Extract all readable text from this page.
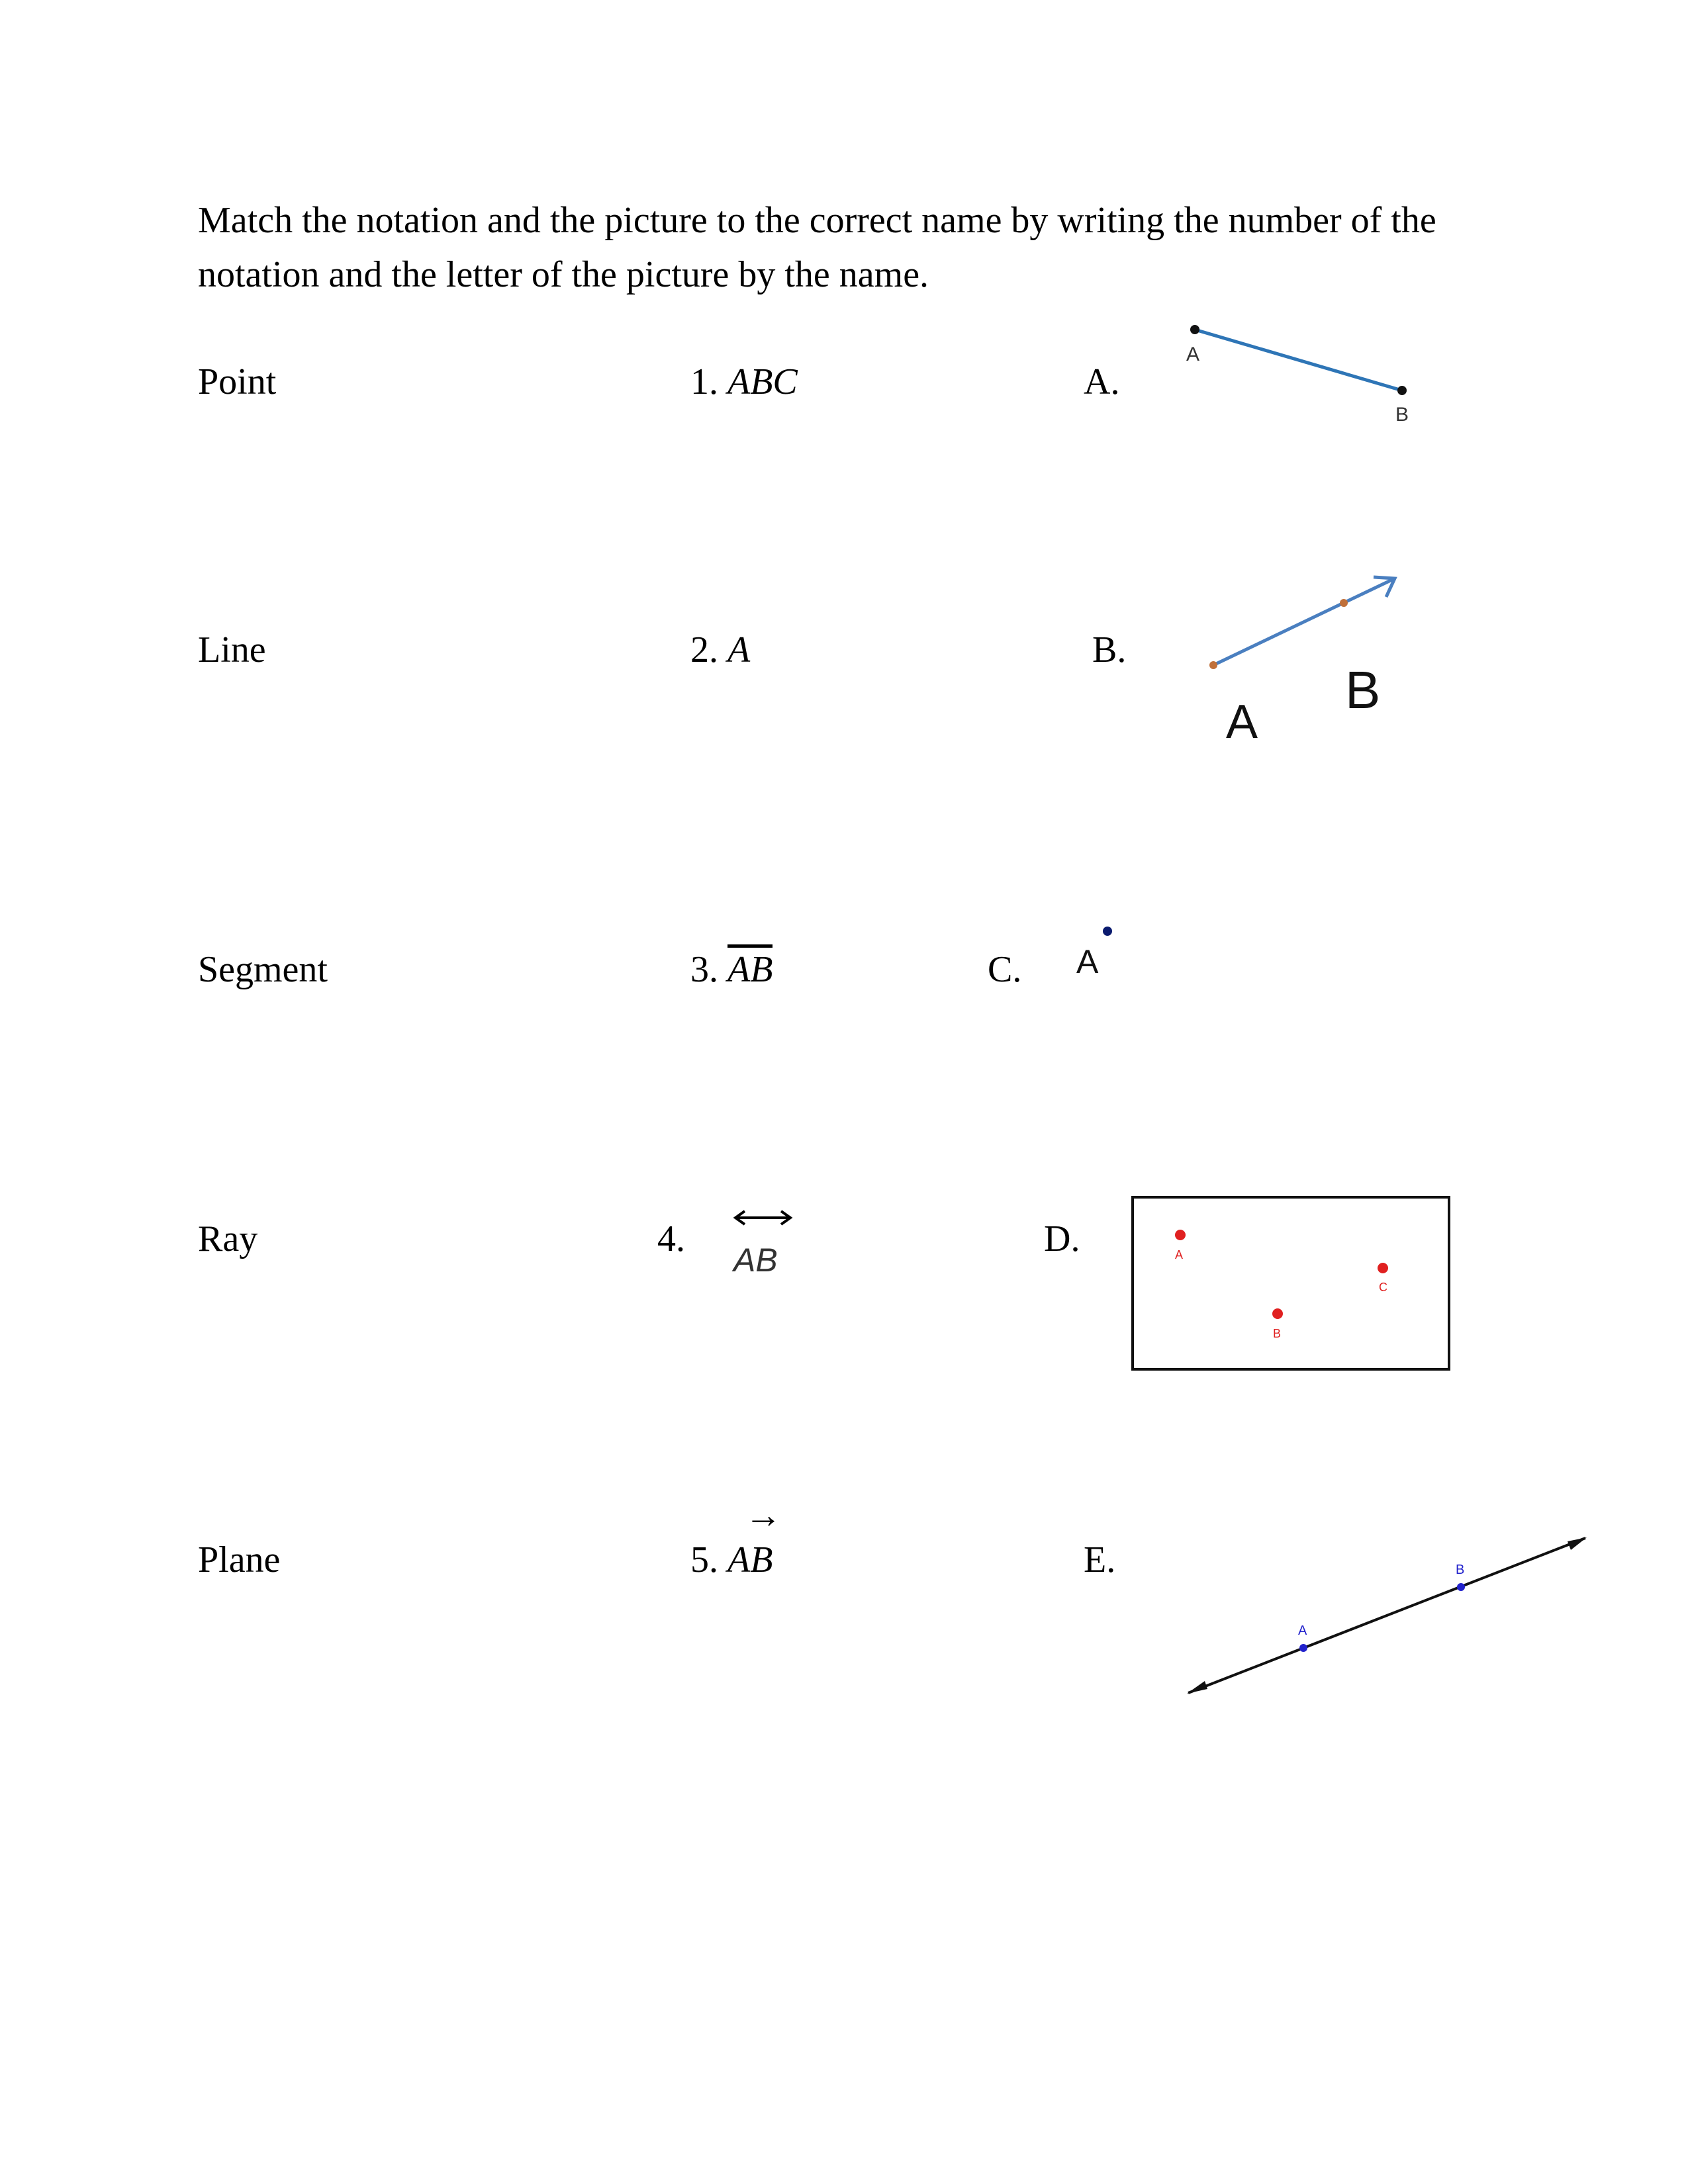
Match the notation and the picture to the correct name by writing the number of the notation and the letter of the picture by the name.
Point
Line
Segment
Ray
Plane
1. ABC
2. A
3. AB
4.
AB
→
5. AB
A.
B.
C.
D.
E.
A
B
A
B
A
A
B
C
A
B
